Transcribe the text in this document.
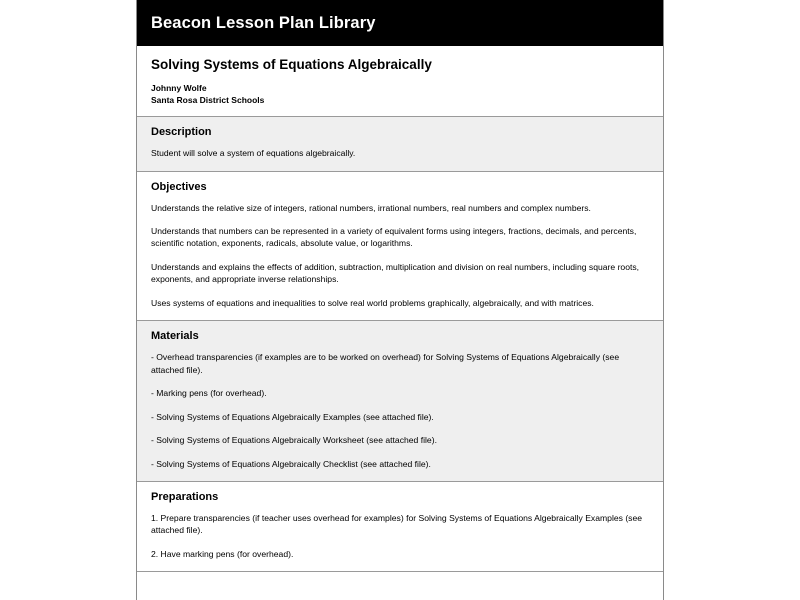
Beacon Lesson Plan Library
Solving Systems of Equations Algebraically
Johnny Wolfe
Santa Rosa District Schools
Description

Student will solve a system of equations algebraically.

Objectives

Understands the relative size of integers, rational numbers, irrational numbers, real numbers and complex numbers.

Understands that numbers can be represented in a variety of equivalent forms using integers, fractions, decimals, and percents, scientific notation, exponents, radicals, absolute value, or logarithms.

Understands and explains the effects of addition, subtraction, multiplication and division on real numbers, including square roots, exponents, and appropriate inverse relationships.

Uses systems of equations and inequalities to solve real world problems graphically, algebraically, and with matrices.

Materials

- Overhead transparencies (if examples are to be worked on overhead) for Solving Systems of Equations Algebraically (see attached file).

- Marking pens (for overhead).

- Solving Systems of Equations Algebraically Examples (see attached file).

- Solving Systems of Equations Algebraically Worksheet (see attached file).

- Solving Systems of Equations Algebraically Checklist (see attached file).

Preparations

1. Prepare transparencies (if teacher uses overhead for examples) for Solving Systems of Equations Algebraically Examples (see attached file).

2. Have marking pens (for overhead).
